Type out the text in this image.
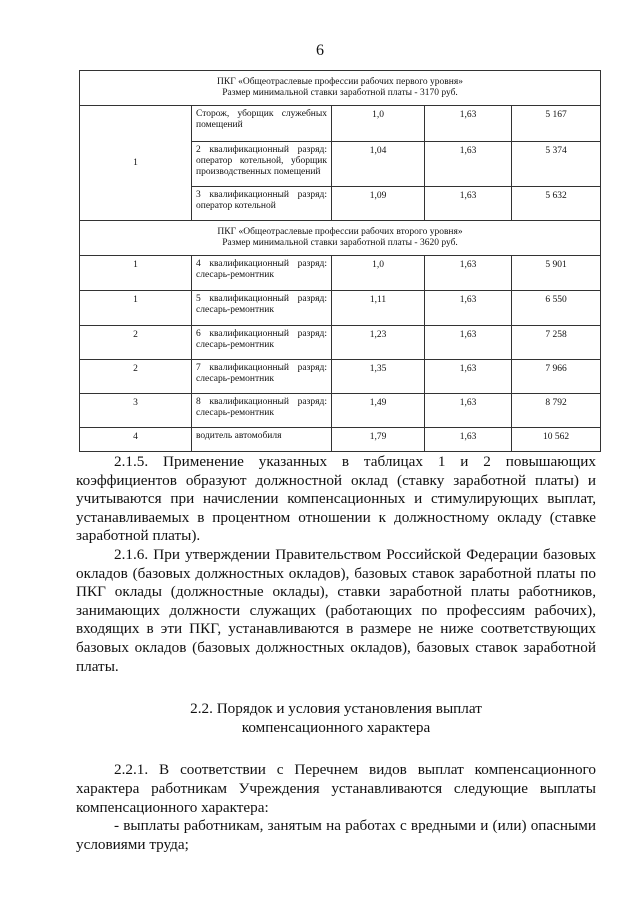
6
ПКГ «Общеотраслевые профессии рабочих первого уровня»
Размер минимальной ставки заработной платы - 3170 руб.				

1	Сторож, уборщик служебных помещений	1,0	1,63	5 167
	2 квалификационный разряд: оператор котельной, уборщик производственных помещений	1,04	1,63	5 374
	3 квалификационный разряд: оператор котельной	1,09	1,63	5 632

ПКГ «Общеотраслевые профессии рабочих второго уровня»
Размер минимальной ставки заработной платы - 3620 руб.				

1	4 квалификационный разряд: слесарь-ремонтник	1,0	1,63	5 901
1	5 квалификационный разряд: слесарь-ремонтник	1,11	1,63	6 550
2	6 квалификационный разряд: слесарь-ремонтник	1,23	1,63	7 258
2	7 квалификационный разряд: слесарь-ремонтник	1,35	1,63	7 966
3	8 квалификационный разряд: слесарь-ремонтник	1,49	1,63	8 792
4	водитель автомобиля	1,79	1,63	10 562

2.1.5. Применение указанных в таблицах 1 и 2 повышающих коэффициентов образуют должностной оклад (ставку заработной платы) и учитываются при начислении компенсационных и стимулирующих выплат, устанавливаемых в процентном отношении к должностному окладу (ставке заработной платы).

2.1.6. При утверждении Правительством Российской Федерации базовых окладов (базовых должностных окладов), базовых ставок заработной платы по ПКГ оклады (должностные оклады), ставки заработной платы работников, занимающих должности служащих (работающих по профессиям рабочих), входящих в эти ПКГ, устанавливаются в размере не ниже соответствующих базовых окладов (базовых должностных окладов), базовых ставок заработной платы.

2.2. Порядок и условия установления выплат
компенсационного характера

2.2.1. В соответствии с Перечнем видов выплат компенсационного характера работникам Учреждения устанавливаются следующие выплаты компенсационного характера:

- выплаты работникам, занятым на работах с вредными и (или) опасными условиями труда;
